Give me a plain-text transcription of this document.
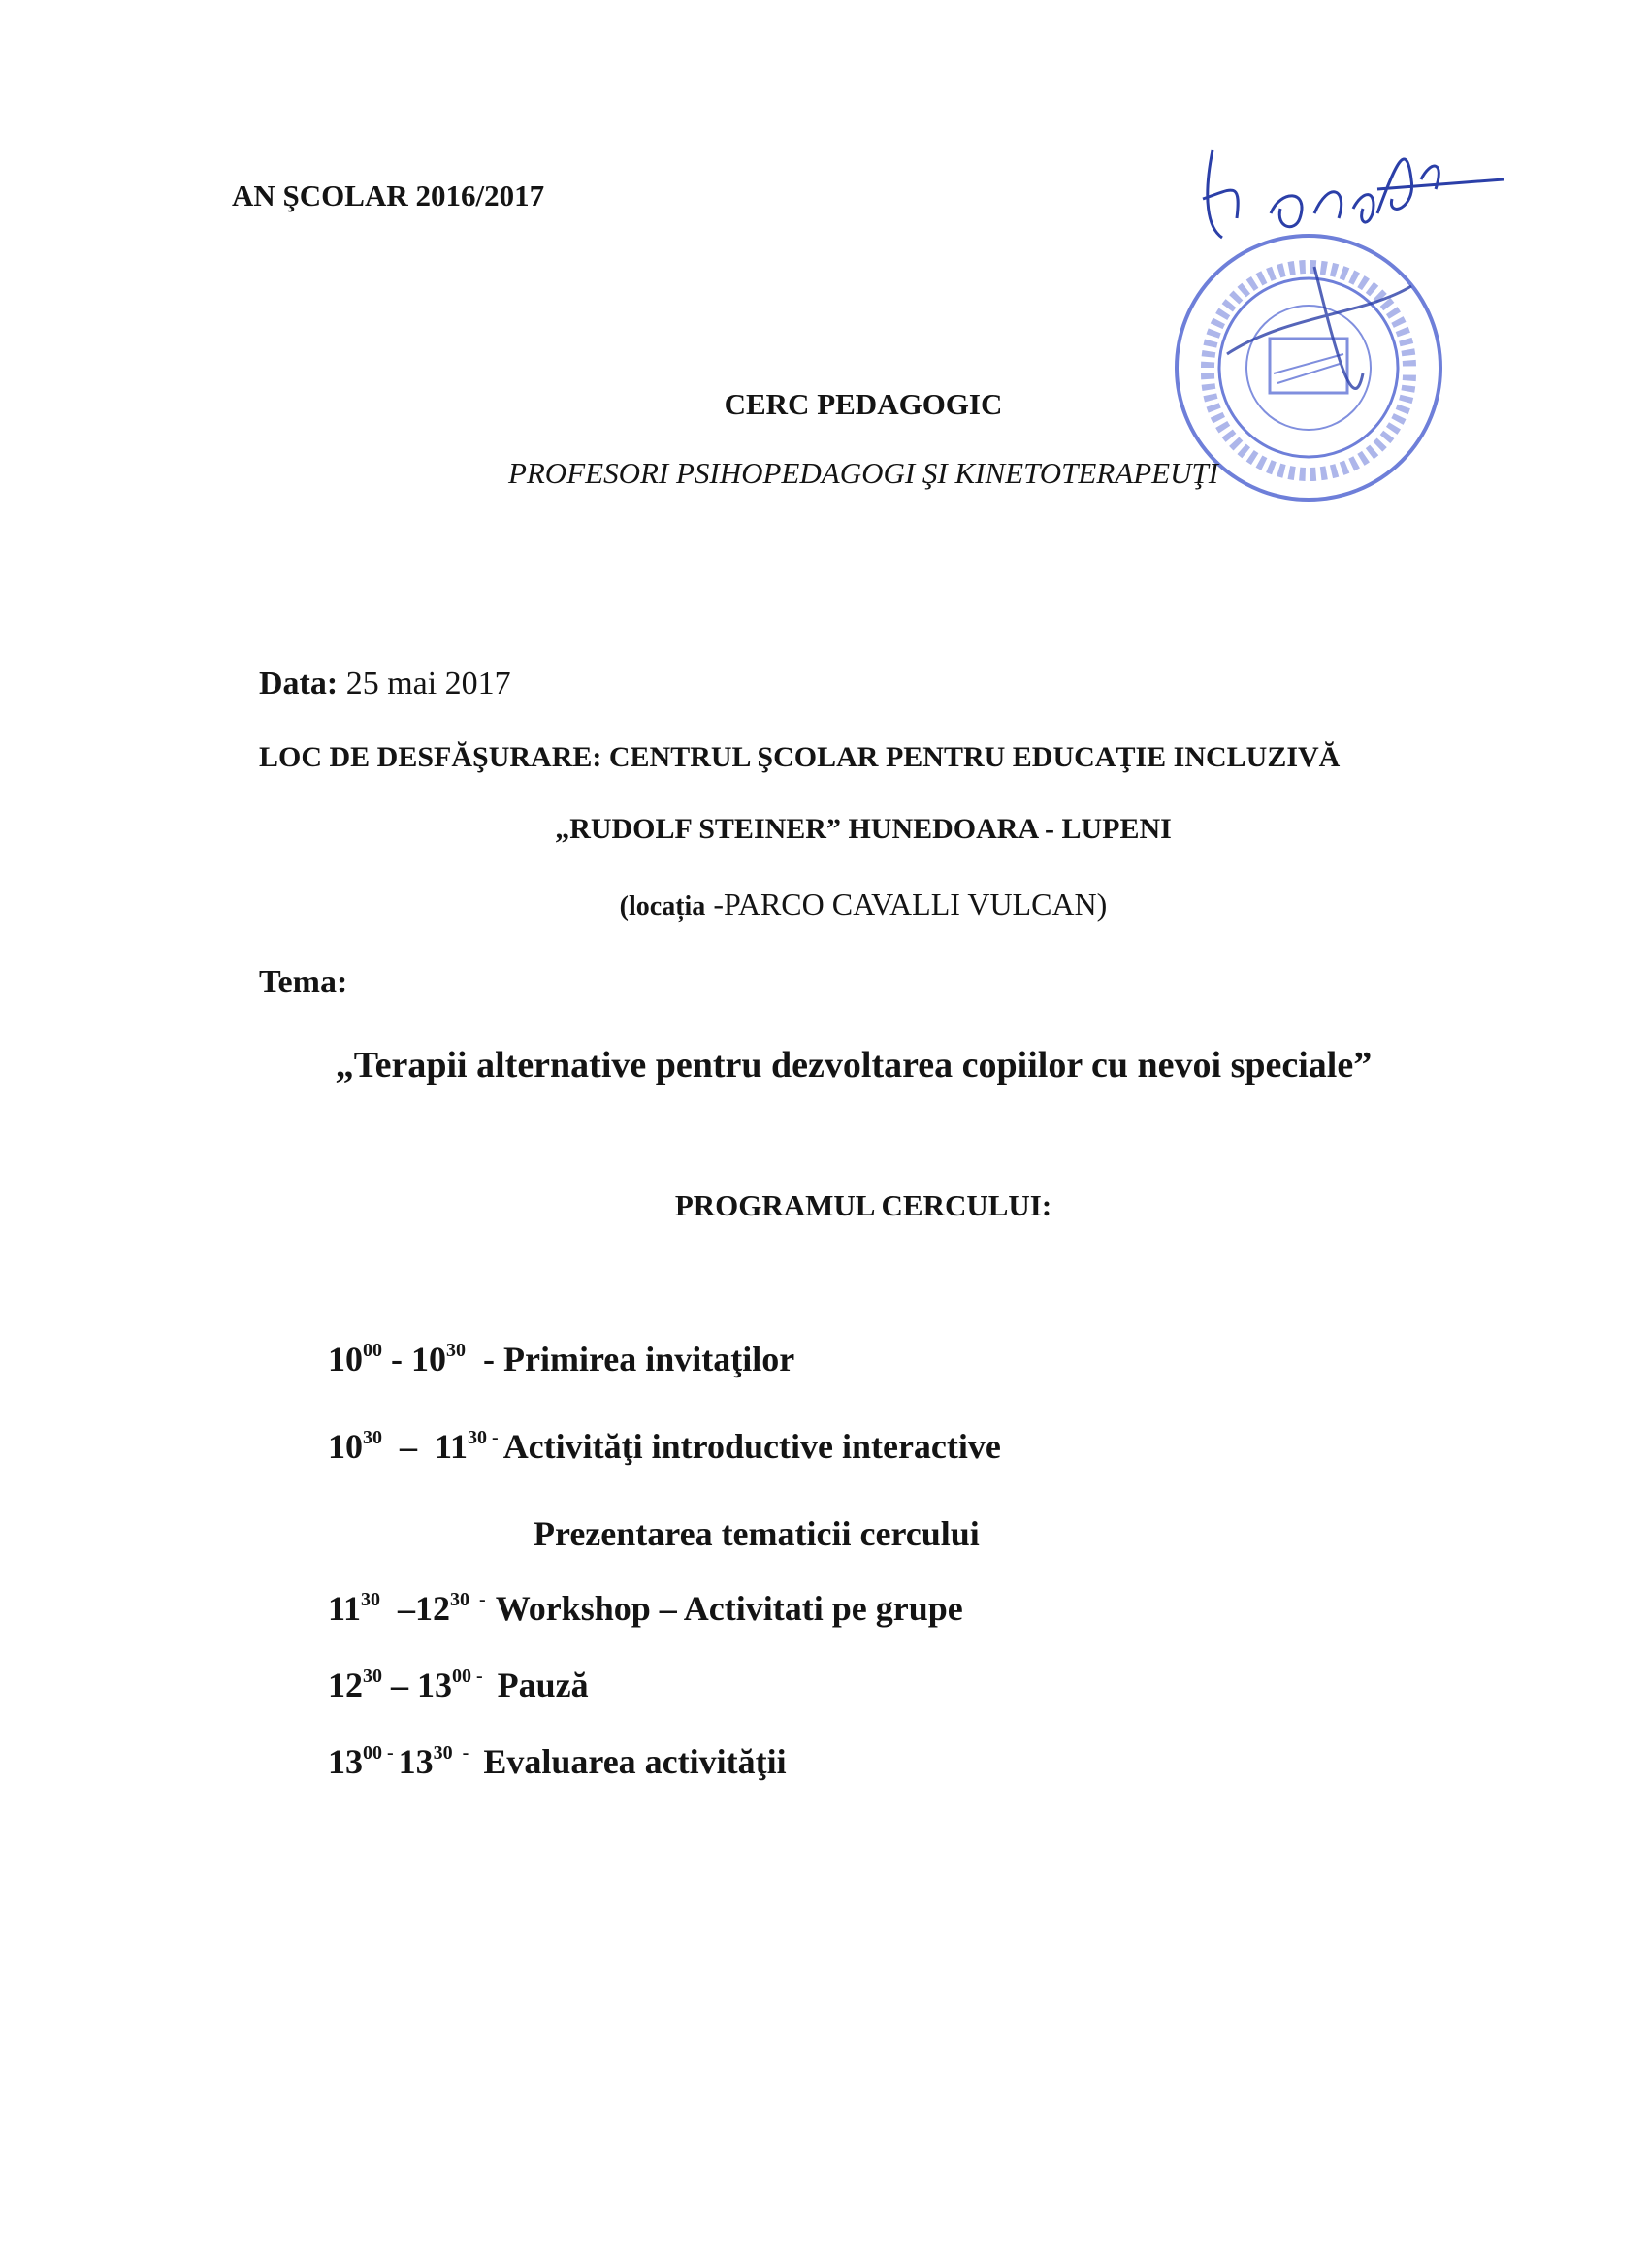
AN ŞCOLAR 2016/2017
CERC PEDAGOGIC
PROFESORI PSIHOPEDAGOGI ŞI KINETOTERAPEUŢI
Data: 25 mai 2017
LOC DE DESFĂŞURARE: CENTRUL ŞCOLAR PENTRU EDUCAŢIE INCLUZIVĂ
„RUDOLF STEINER” HUNEDOARA - LUPENI
(locația -PARCO CAVALLI VULCAN)
Tema:
„Terapii alternative pentru dezvoltarea copiilor cu nevoi speciale”
PROGRAMUL CERCULUI:
$10^{00} - 10^{30}$  - Primirea invitaţilor
$10^{30} - 11^{30}$ - Activităţi introductive interactive
Prezentarea tematicii cercului
$11^{30}$  $-12^{30}$  -  Workshop – Activitati pe grupe
$12^{30} - 13^{00}$ -   Pauză
$13^{00}$ - $13^{30}$  -   Evaluarea activităţii
